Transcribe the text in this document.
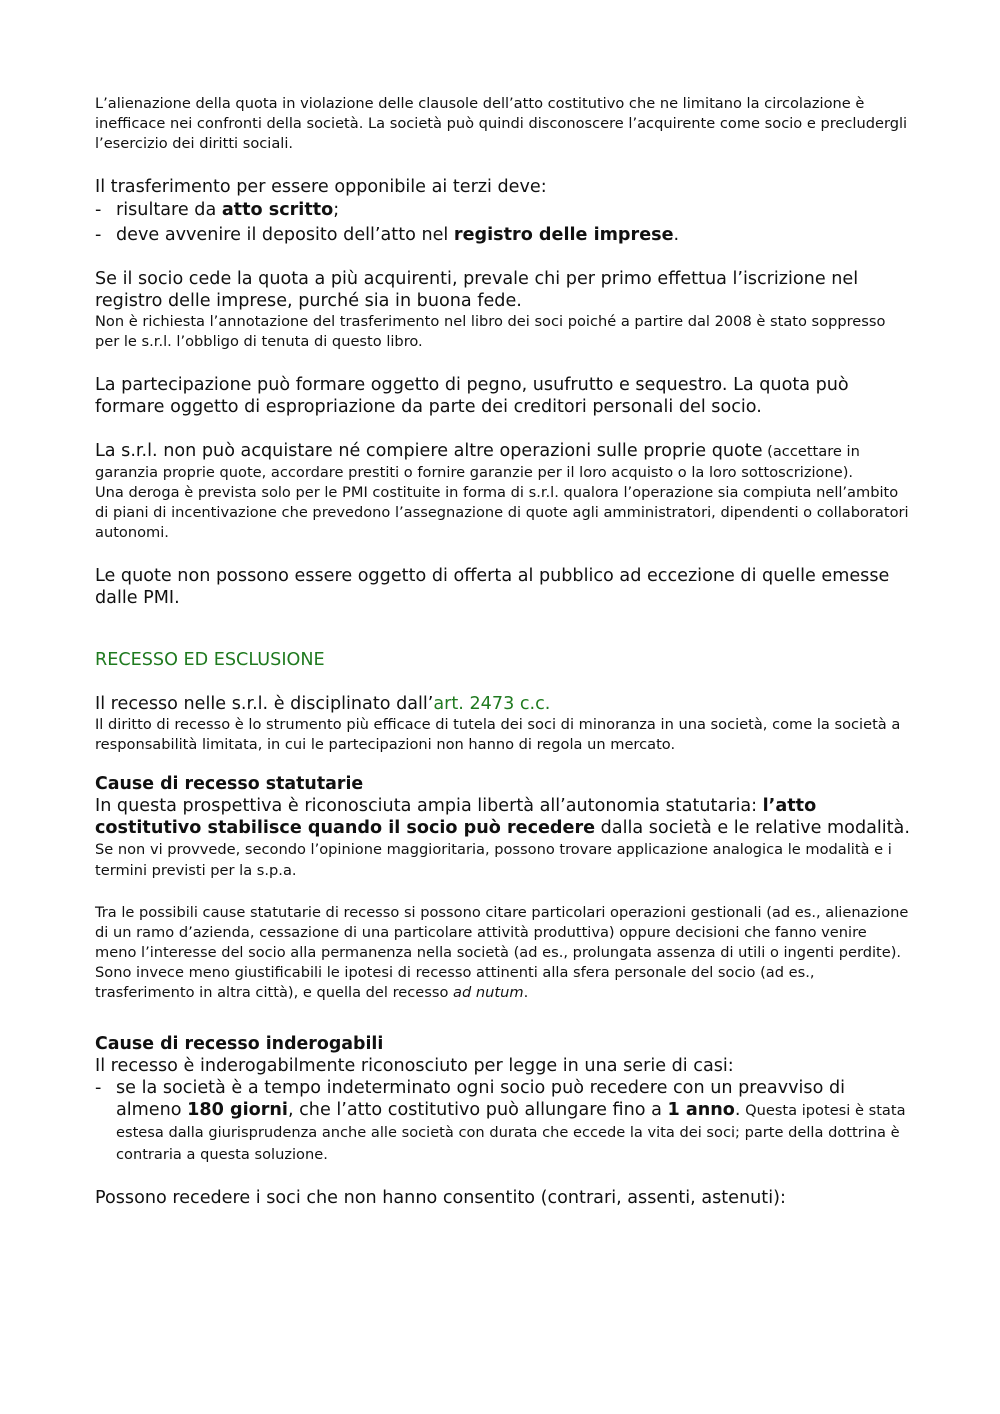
L’alienazione della quota in violazione delle clausole dell’atto costitutivo che ne limitano la circolazione è inefficace nei confronti della società. La società può quindi disconoscere l’acquirente come socio e precludergli l’esercizio dei diritti sociali.

Il trasferimento per essere opponibile ai terzi deve:

- risultare da atto scritto;
- deve avvenire il deposito dell’atto nel registro delle imprese.

Se il socio cede la quota a più acquirenti, prevale chi per primo effettua l’iscrizione nel registro delle imprese, purché sia in buona fede.

Non è richiesta l’annotazione del trasferimento nel libro dei soci poiché a partire dal 2008 è stato soppresso per le s.r.l. l’obbligo di tenuta di questo libro.

La partecipazione può formare oggetto di pegno, usufrutto e sequestro. La quota può formare oggetto di espropriazione da parte dei creditori personali del socio.

La s.r.l. non può acquistare né compiere altre operazioni sulle proprie quote (accettare in garanzia proprie quote, accordare prestiti o fornire garanzie per il loro acquisto o la loro sottoscrizione).

Una deroga è prevista solo per le PMI costituite in forma di s.r.l. qualora l’operazione sia compiuta nell’ambito di piani di incentivazione che prevedono l’assegnazione di quote agli amministratori, dipendenti o collaboratori autonomi.

Le quote non possono essere oggetto di offerta al pubblico ad eccezione di quelle emesse dalle PMI.

RECESSO ED ESCLUSIONE

Il recesso nelle s.r.l. è disciplinato dall’art. 2473 c.c.

Il diritto di recesso è lo strumento più efficace di tutela dei soci di minoranza in una società, come la società a responsabilità limitata, in cui le partecipazioni non hanno di regola un mercato.

Cause di recesso statutarie

In questa prospettiva è riconosciuta ampia libertà all’autonomia statutaria: l’atto costitutivo stabilisce quando il socio può recedere dalla società e le relative modalità. Se non vi provvede, secondo l’opinione maggioritaria, possono trovare applicazione analogica le modalità e i termini previsti per la s.p.a.

Tra le possibili cause statutarie di recesso si possono citare particolari operazioni gestionali (ad es., alienazione di un ramo d’azienda, cessazione di una particolare attività produttiva) oppure decisioni che fanno venire meno l’interesse del socio alla permanenza nella società (ad es., prolungata assenza di utili o ingenti perdite).

Sono invece meno giustificabili le ipotesi di recesso attinenti alla sfera personale del socio (ad es., trasferimento in altra città), e quella del recesso ad nutum.

Cause di recesso inderogabili

Il recesso è inderogabilmente riconosciuto per legge in una serie di casi:

- se la società è a tempo indeterminato ogni socio può recedere con un preavviso di almeno 180 giorni, che l’atto costitutivo può allungare fino a 1 anno. Questa ipotesi è stata estesa dalla giurisprudenza anche alle società con durata che eccede la vita dei soci; parte della dottrina è contraria a questa soluzione.

Possono recedere i soci che non hanno consentito (contrari, assenti, astenuti):
